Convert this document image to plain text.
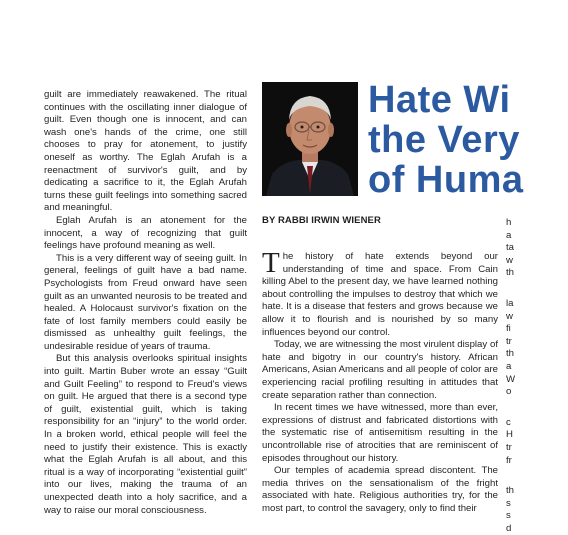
guilt are immediately reawakened. The ritual continues with the oscillating inner dialogue of guilt. Even though one is innocent, and can wash one's hands of the crime, one still chooses to pray for atonement, to justify oneself as worthy. The Eglah Arufah is a reenactment of survivor's guilt, and by dedicating a sacrifice to it, the Eglah Arufah turns these guilt feelings into something sacred and meaningful.

Eglah Arufah is an atonement for the innocent, a way of recognizing that guilt feelings have profound meaning as well.

This is a very different way of seeing guilt. In general, feelings of guilt have a bad name. Psychologists from Freud onward have seen guilt as an unwanted neurosis to be treated and healed. A Holocaust survivor's fixation on the fate of lost family members could easily be dismissed as unhealthy guilt feelings, the undesirable residue of years of trauma.

But this analysis overlooks spiritual insights into guilt. Martin Buber wrote an essay “Guilt and Guilt Feeling” to respond to Freud's views on guilt. He argued that there is a second type of guilt, existential guilt, which is taking responsibility for an “injury” to the world order. In a broken world, ethical people will feel the need to justify their existence. This is exactly what the Eglah Arufah is all about, and this ritual is a way of incorporating “existential guilt” into our lives, making the trauma of an unexpected death into a holy sacrifice, and a way to raise our moral consciousness.

Hate Wi
the Very
of Huma
BY RABBI IRWIN WIENER

The history of hate extends beyond our understanding of time and space. From Cain killing Abel to the present day, we have learned nothing about controlling the impulses to destroy that which we hate. It is a disease that festers and grows because we allow it to flourish and is nourished by so many influences beyond our control.

Today, we are witnessing the most virulent display of hate and bigotry in our country's history. African Americans, Asian Americans and all people of color are experiencing racial profiling resulting in attitudes that create separation rather than connection.

In recent times we have witnessed, more than ever, expressions of distrust and fabricated distortions with the systematic rise of antisemitism resulting in the uncontrollable rise of atrocities that are reminiscent of episodes throughout our history.

Our temples of academia spread discontent. The media thrives on the sensationalism of the fright associated with hate. Religious authorities try, for the most part, to control the savagery, only to find their

h
a
ta
w
th
la
w
fi
tr
th
a
W
o
c
H
tr
fr
th
s
s
d
